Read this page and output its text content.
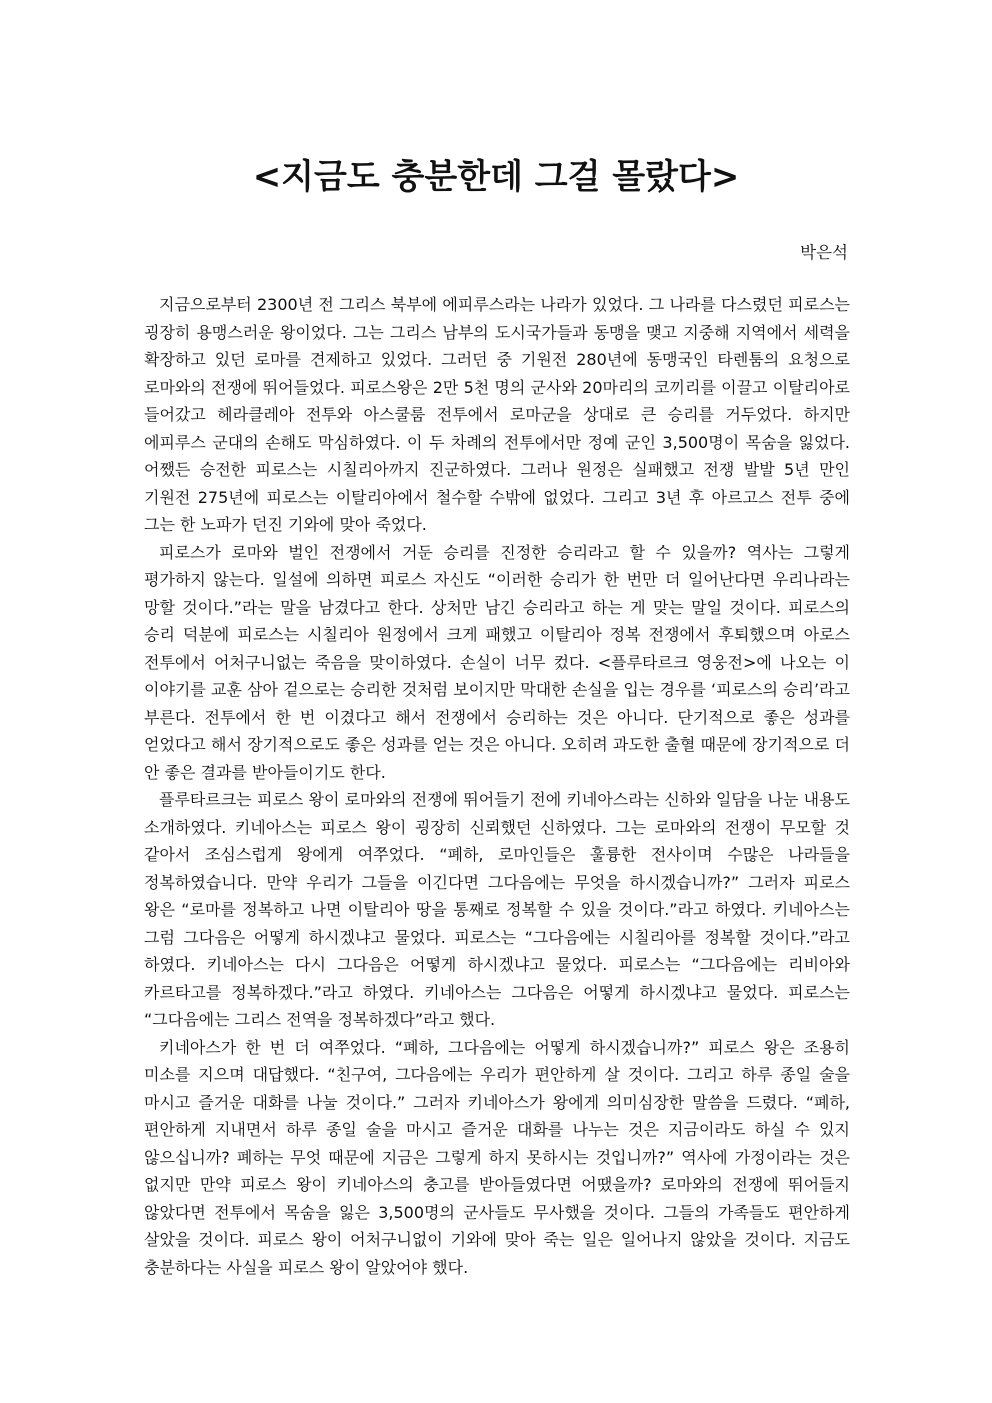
<지금도 충분한데 그걸 몰랐다>
박은석

지금으로부터 2300년 전 그리스 북부에 에피루스라는 나라가 있었다. 그 나라를 다스렸던 피로스는 굉장히 용맹스러운 왕이었다. 그는 그리스 남부의 도시국가들과 동맹을 맺고 지중해 지역에서 세력을 확장하고 있던 로마를 견제하고 있었다. 그러던 중 기원전 280년에 동맹국인 타렌툼의 요청으로 로마와의 전쟁에 뛰어들었다. 피로스왕은 2만 5천 명의 군사와 20마리의 코끼리를 이끌고 이탈리아로 들어갔고 헤라클레아 전투와 아스쿨룸 전투에서 로마군을 상대로 큰 승리를 거두었다. 하지만 에피루스 군대의 손해도 막심하였다. 이 두 차례의 전투에서만 정예 군인 3,500명이 목숨을 잃었다. 어쨌든 승전한 피로스는 시칠리아까지 진군하였다. 그러나 원정은 실패했고 전쟁 발발 5년 만인 기원전 275년에 피로스는 이탈리아에서 철수할 수밖에 없었다. 그리고 3년 후 아르고스 전투 중에 그는 한 노파가 던진 기와에 맞아 죽었다.

피로스가 로마와 벌인 전쟁에서 거둔 승리를 진정한 승리라고 할 수 있을까? 역사는 그렇게 평가하지 않는다. 일설에 의하면 피로스 자신도 “이러한 승리가 한 번만 더 일어난다면 우리나라는 망할 것이다.”라는 말을 남겼다고 한다. 상처만 남긴 승리라고 하는 게 맞는 말일 것이다. 피로스의 승리 덕분에 피로스는 시칠리아 원정에서 크게 패했고 이탈리아 정복 전쟁에서 후퇴했으며 아로스 전투에서 어처구니없는 죽음을 맞이하였다. 손실이 너무 컸다. <플루타르크 영웅전>에 나오는 이 이야기를 교훈 삼아 겉으로는 승리한 것처럼 보이지만 막대한 손실을 입는 경우를 ‘피로스의 승리’라고 부른다. 전투에서 한 번 이겼다고 해서 전쟁에서 승리하는 것은 아니다. 단기적으로 좋은 성과를 얻었다고 해서 장기적으로도 좋은 성과를 얻는 것은 아니다. 오히려 과도한 출혈 때문에 장기적으로 더 안 좋은 결과를 받아들이기도 한다.

플루타르크는 피로스 왕이 로마와의 전쟁에 뛰어들기 전에 키네아스라는 신하와 일담을 나눈 내용도 소개하였다. 키네아스는 피로스 왕이 굉장히 신뢰했던 신하였다. 그는 로마와의 전쟁이 무모할 것 같아서 조심스럽게 왕에게 여쭈었다. “폐하, 로마인들은 훌륭한 전사이며 수많은 나라들을 정복하였습니다. 만약 우리가 그들을 이긴다면 그다음에는 무엇을 하시겠습니까?” 그러자 피로스 왕은 “로마를 정복하고 나면 이탈리아 땅을 통째로 정복할 수 있을 것이다.”라고 하였다. 키네아스는 그럼 그다음은 어떻게 하시겠냐고 물었다. 피로스는 “그다음에는 시칠리아를 정복할 것이다.”라고 하였다. 키네아스는 다시 그다음은 어떻게 하시겠냐고 물었다. 피로스는 “그다음에는 리비아와 카르타고를 정복하겠다.”라고 하였다. 키네아스는 그다음은 어떻게 하시겠냐고 물었다. 피로스는 “그다음에는 그리스 전역을 정복하겠다”라고 했다.

키네아스가 한 번 더 여쭈었다. “폐하, 그다음에는 어떻게 하시겠습니까?” 피로스 왕은 조용히 미소를 지으며 대답했다. “친구여, 그다음에는 우리가 편안하게 살 것이다. 그리고 하루 종일 술을 마시고 즐거운 대화를 나눌 것이다.” 그러자 키네아스가 왕에게 의미심장한 말씀을 드렸다. “폐하, 편안하게 지내면서 하루 종일 술을 마시고 즐거운 대화를 나누는 것은 지금이라도 하실 수 있지 않으십니까? 폐하는 무엇 때문에 지금은 그렇게 하지 못하시는 것입니까?” 역사에 가정이라는 것은 없지만 만약 피로스 왕이 키네아스의 충고를 받아들였다면 어땠을까? 로마와의 전쟁에 뛰어들지 않았다면 전투에서 목숨을 잃은 3,500명의 군사들도 무사했을 것이다. 그들의 가족들도 편안하게 살았을 것이다. 피로스 왕이 어처구니없이 기와에 맞아 죽는 일은 일어나지 않았을 것이다. 지금도 충분하다는 사실을 피로스 왕이 알았어야 했다.
